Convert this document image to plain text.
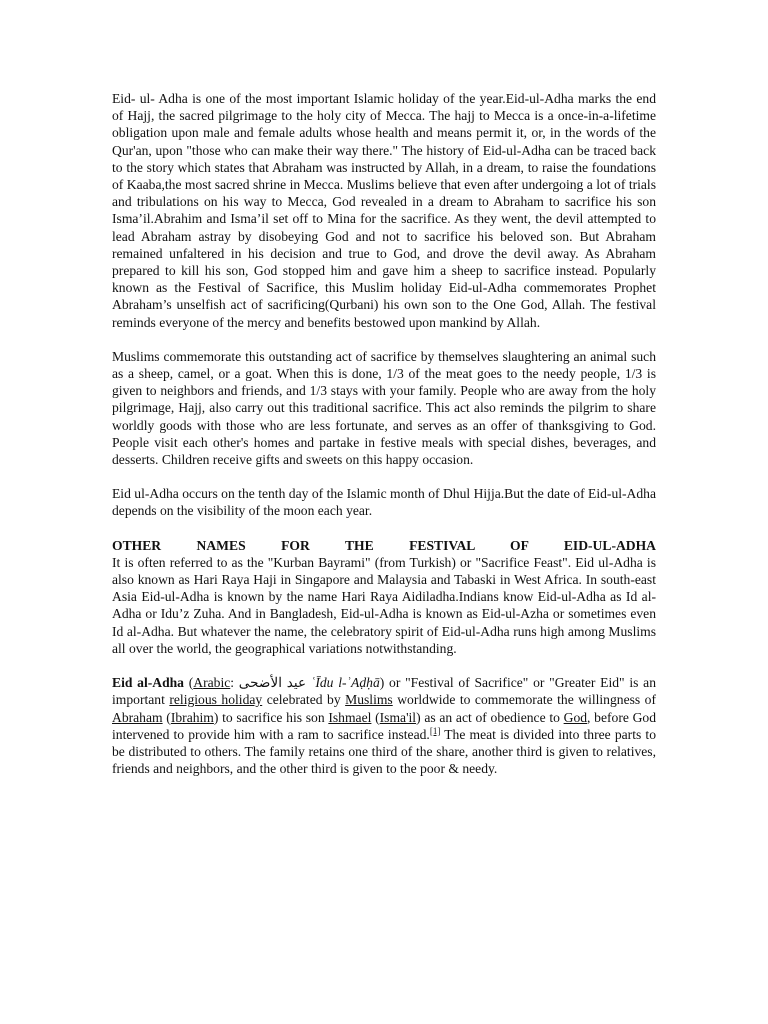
Eid- ul- Adha is one of the most important Islamic holiday of the year.Eid-ul-Adha marks the end of Hajj, the sacred pilgrimage to the holy city of Mecca. The hajj to Mecca is a once-in-a-lifetime obligation upon male and female adults whose health and means permit it, or, in the words of the Qur'an, upon "those who can make their way there." The history of Eid-ul-Adha can be traced back to the story which states that Abraham was instructed by Allah, in a dream, to raise the foundations of Kaaba,the most sacred shrine in Mecca. Muslims believe that even after undergoing a lot of trials and tribulations on his way to Mecca, God revealed in a dream to Abraham to sacrifice his son Isma’il.Abrahim and Isma’il set off to Mina for the sacrifice. As they went, the devil attempted to lead Abraham astray by disobeying God and not to sacrifice his beloved son. But Abraham remained unfaltered in his decision and true to God, and drove the devil away. As Abraham prepared to kill his son, God stopped him and gave him a sheep to sacrifice instead. Popularly known as the Festival of Sacrifice, this Muslim holiday Eid-ul-Adha commemorates Prophet Abraham’s unselfish act of sacrificing(Qurbani) his own son to the One God, Allah. The festival reminds everyone of the mercy and benefits bestowed upon mankind by Allah.

Muslims commemorate this outstanding act of sacrifice by themselves slaughtering an animal such as a sheep, camel, or a goat. When this is done, 1/3 of the meat goes to the needy people, 1/3 is given to neighbors and friends, and 1/3 stays with your family. People who are away from the holy pilgrimage, Hajj, also carry out this traditional sacrifice. This act also reminds the pilgrim to share worldly goods with those who are less fortunate, and serves as an offer of thanksgiving to God. People visit each other's homes and partake in festive meals with special dishes, beverages, and desserts. Children receive gifts and sweets on this happy occasion.

Eid ul-Adha occurs on the tenth day of the Islamic month of Dhul Hijja.But the date of Eid-ul-Adha depends on the visibility of the moon each year.

OTHER NAMES FOR THE FESTIVAL OF EID-UL-ADHA

It is often referred to as the "Kurban Bayrami" (from Turkish) or "Sacrifice Feast". Eid ul-Adha is also known as Hari Raya Haji in Singapore and Malaysia and Tabaski in West Africa. In south-east Asia Eid-ul-Adha is known by the name Hari Raya Aidiladha.Indians know Eid-ul-Adha as Id al-Adha or Idu’z Zuha. And in Bangladesh, Eid-ul-Adha is known as Eid-ul-Azha or sometimes even Id al-Adha. But whatever the name, the celebratory spirit of Eid-ul-Adha runs high among Muslims all over the world, the geographical variations notwithstanding.

Eid al-Adha (Arabic: عيد الأضحى ʿĪdu l-ʾAḍḥā) or "Festival of Sacrifice" or "Greater Eid" is an important religious holiday celebrated by Muslims worldwide to commemorate the willingness of Abraham (Ibrahim) to sacrifice his son Ishmael (Isma'il) as an act of obedience to God, before God intervened to provide him with a ram to sacrifice instead.[1] The meat is divided into three parts to be distributed to others. The family retains one third of the share, another third is given to relatives, friends and neighbors, and the other third is given to the poor & needy.
